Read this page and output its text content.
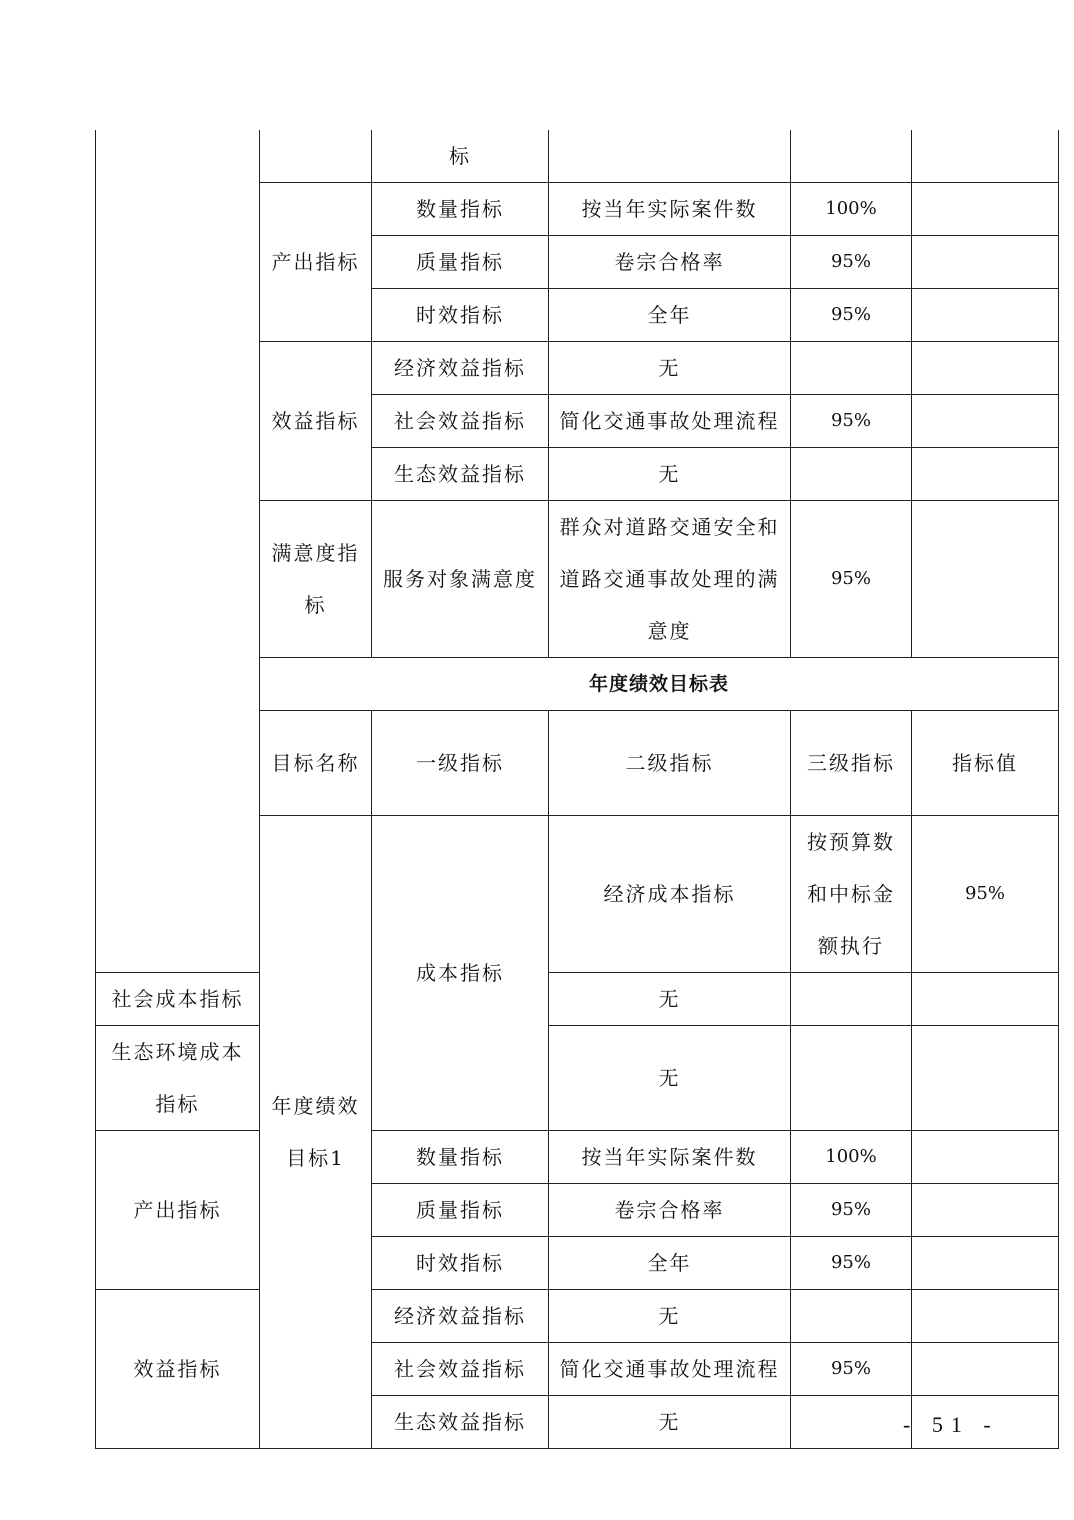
		标				
	产出指标	数量指标	按当年实际案件数	100%		
		质量指标	卷宗合格率	95%		
		时效指标	全年	95%		
	效益指标	经济效益指标	无			
		社会效益指标	简化交通事故处理流程	95%		
		生态效益指标	无			
	满意度指标	服务对象满意度	群众对道路交通安全和道路交通事故处理的满意度	95%		
	年度绩效目标表					
	目标名称	一级指标	二级指标	三级指标	指标值	
	年度绩效目标1	成本指标	经济成本指标	按预算数和中标金额执行	95%	
社会成本指标			无			
生态环境成本指标			无			
产出指标		数量指标	按当年实际案件数	100%		
		质量指标	卷宗合格率	95%		
		时效指标	全年	95%		
效益指标		经济效益指标	无			
		社会效益指标	简化交通事故处理流程	95%		
		生态效益指标	无				- 51 -
